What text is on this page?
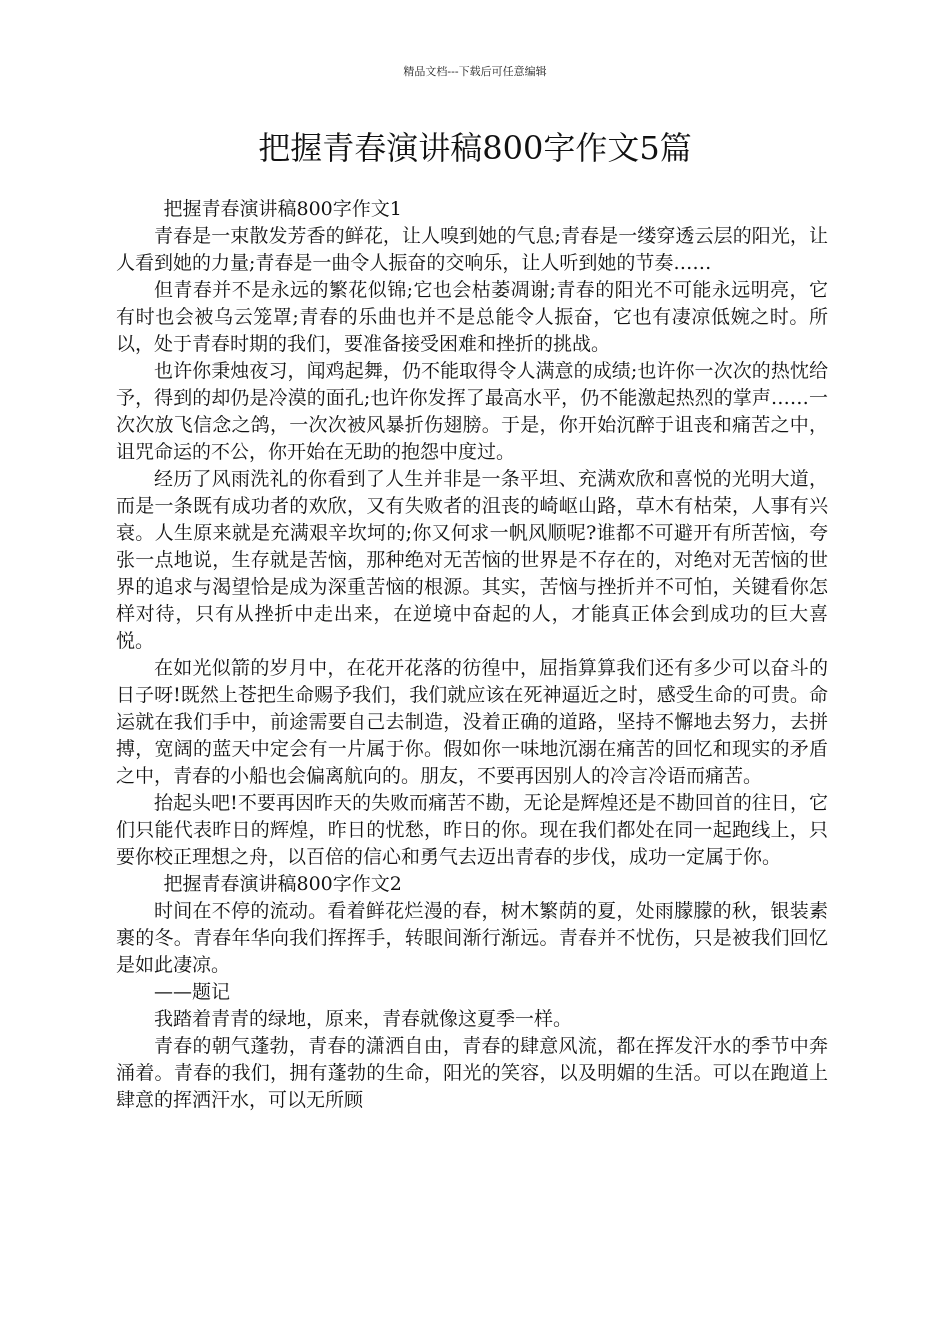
精品文档---下载后可任意编辑
把握青春演讲稿800字作文5篇

把握青春演讲稿800字作文1

青春是一束散发芳香的鲜花，让人嗅到她的气息;青春是一缕穿透云层的阳光，让人看到她的力量;青春是一曲令人振奋的交响乐，让人听到她的节奏……

但青春并不是永远的繁花似锦;它也会枯萎凋谢;青春的阳光不可能永远明亮，它有时也会被乌云笼罩;青春的乐曲也并不是总能令人振奋，它也有凄凉低婉之时。所以，处于青春时期的我们，要准备接受困难和挫折的挑战。

也许你秉烛夜习，闻鸡起舞，仍不能取得令人满意的成绩;也许你一次次的热忱给予，得到的却仍是冷漠的面孔;也许你发挥了最高水平，仍不能激起热烈的掌声……一次次放飞信念之鸽，一次次被风暴折伤翅膀。于是，你开始沉醉于诅丧和痛苦之中，诅咒命运的不公，你开始在无助的抱怨中度过。

经历了风雨洗礼的你看到了人生并非是一条平坦、充满欢欣和喜悦的光明大道，而是一条既有成功者的欢欣，又有失败者的沮丧的崎岖山路，草木有枯荣，人事有兴衰。人生原来就是充满艰辛坎坷的;你又何求一帆风顺呢?谁都不可避开有所苦恼，夸张一点地说，生存就是苦恼，那种绝对无苦恼的世界是不存在的，对绝对无苦恼的世界的追求与渴望恰是成为深重苦恼的根源。其实，苦恼与挫折并不可怕，关键看你怎样对待，只有从挫折中走出来，在逆境中奋起的人，才能真正体会到成功的巨大喜悦。

在如光似箭的岁月中，在花开花落的彷徨中，屈指算算我们还有多少可以奋斗的日子呀!既然上苍把生命赐予我们，我们就应该在死神逼近之时，感受生命的可贵。命运就在我们手中，前途需要自己去制造，没着正确的道路，坚持不懈地去努力，去拼搏，宽阔的蓝天中定会有一片属于你。假如你一味地沉溺在痛苦的回忆和现实的矛盾之中，青春的小船也会偏离航向的。朋友，不要再因别人的冷言冷语而痛苦。

抬起头吧!不要再因昨天的失败而痛苦不勘，无论是辉煌还是不勘回首的往日，它们只能代表昨日的辉煌，昨日的忧愁，昨日的你。现在我们都处在同一起跑线上，只要你校正理想之舟，以百倍的信心和勇气去迈出青春的步伐，成功一定属于你。

把握青春演讲稿800字作文2

时间在不停的流动。看着鲜花烂漫的春，树木繁荫的夏，处雨朦朦的秋，银装素裹的冬。青春年华向我们挥挥手，转眼间渐行渐远。青春并不忧伤，只是被我们回忆是如此凄凉。

——题记

我踏着青青的绿地，原来，青春就像这夏季一样。

青春的朝气蓬勃，青春的潇洒自由，青春的肆意风流，都在挥发汗水的季节中奔涌着。青春的我们，拥有蓬勃的生命，阳光的笑容，以及明媚的生活。可以在跑道上肆意的挥洒汗水，可以无所顾
